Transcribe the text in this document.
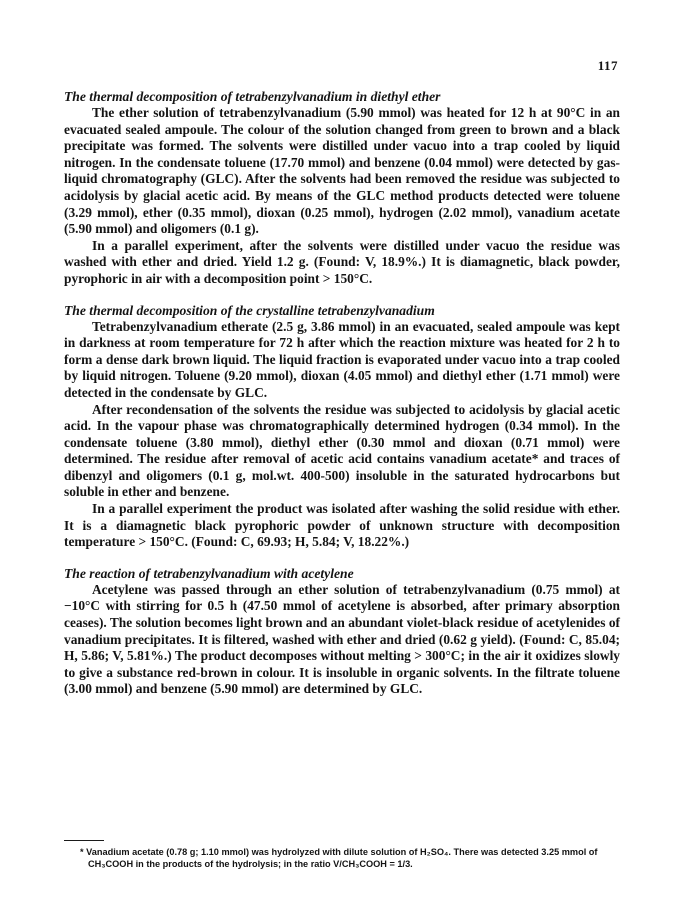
117
The thermal decomposition of tetrabenzylvanadium in diethyl ether

The ether solution of tetrabenzylvanadium (5.90 mmol) was heated for 12 h at 90°C in an evacuated sealed ampoule. The colour of the solution changed from green to brown and a black precipitate was formed. The solvents were distilled under vacuo into a trap cooled by liquid nitrogen. In the condensate toluene (17.70 mmol) and benzene (0.04 mmol) were detected by gas-liquid chromatography (GLC). After the solvents had been removed the residue was subjected to acidolysis by glacial acetic acid. By means of the GLC method products detected were toluene (3.29 mmol), ether (0.35 mmol), dioxan (0.25 mmol), hydrogen (2.02 mmol), vanadium acetate (5.90 mmol) and oligomers (0.1 g).

In a parallel experiment, after the solvents were distilled under vacuo the residue was washed with ether and dried. Yield 1.2 g. (Found: V, 18.9%.) It is diamagnetic, black powder, pyrophoric in air with a decomposition point > 150°C.

The thermal decomposition of the crystalline tetrabenzylvanadium

Tetrabenzylvanadium etherate (2.5 g, 3.86 mmol) in an evacuated, sealed ampoule was kept in darkness at room temperature for 72 h after which the reaction mixture was heated for 2 h to form a dense dark brown liquid. The liquid fraction is evaporated under vacuo into a trap cooled by liquid nitrogen. Toluene (9.20 mmol), dioxan (4.05 mmol) and diethyl ether (1.71 mmol) were detected in the condensate by GLC.

After recondensation of the solvents the residue was subjected to acidolysis by glacial acetic acid. In the vapour phase was chromatographically determined hydrogen (0.34 mmol). In the condensate toluene (3.80 mmol), diethyl ether (0.30 mmol and dioxan (0.71 mmol) were determined. The residue after removal of acetic acid contains vanadium acetate* and traces of dibenzyl and oligomers (0.1 g, mol.wt. 400-500) insoluble in the saturated hydrocarbons but soluble in ether and benzene.

In a parallel experiment the product was isolated after washing the solid residue with ether. It is a diamagnetic black pyrophoric powder of unknown structure with decomposition temperature > 150°C. (Found: C, 69.93; H, 5.84; V, 18.22%.)

The reaction of tetrabenzylvanadium with acetylene

Acetylene was passed through an ether solution of tetrabenzylvanadium (0.75 mmol) at −10°C with stirring for 0.5 h (47.50 mmol of acetylene is absorbed, after primary absorption ceases). The solution becomes light brown and an abundant violet-black residue of acetylenides of vanadium precipitates. It is filtered, washed with ether and dried (0.62 g yield). (Found: C, 85.04; H, 5.86; V, 5.81%.) The product decomposes without melting > 300°C; in the air it oxidizes slowly to give a substance red-brown in colour. It is insoluble in organic solvents. In the filtrate toluene (3.00 mmol) and benzene (5.90 mmol) are determined by GLC.

* Vanadium acetate (0.78 g; 1.10 mmol) was hydrolyzed with dilute solution of H₂SO₄. There was detected 3.25 mmol of CH₃COOH in the products of the hydrolysis; in the ratio V/CH₃COOH = 1/3.
